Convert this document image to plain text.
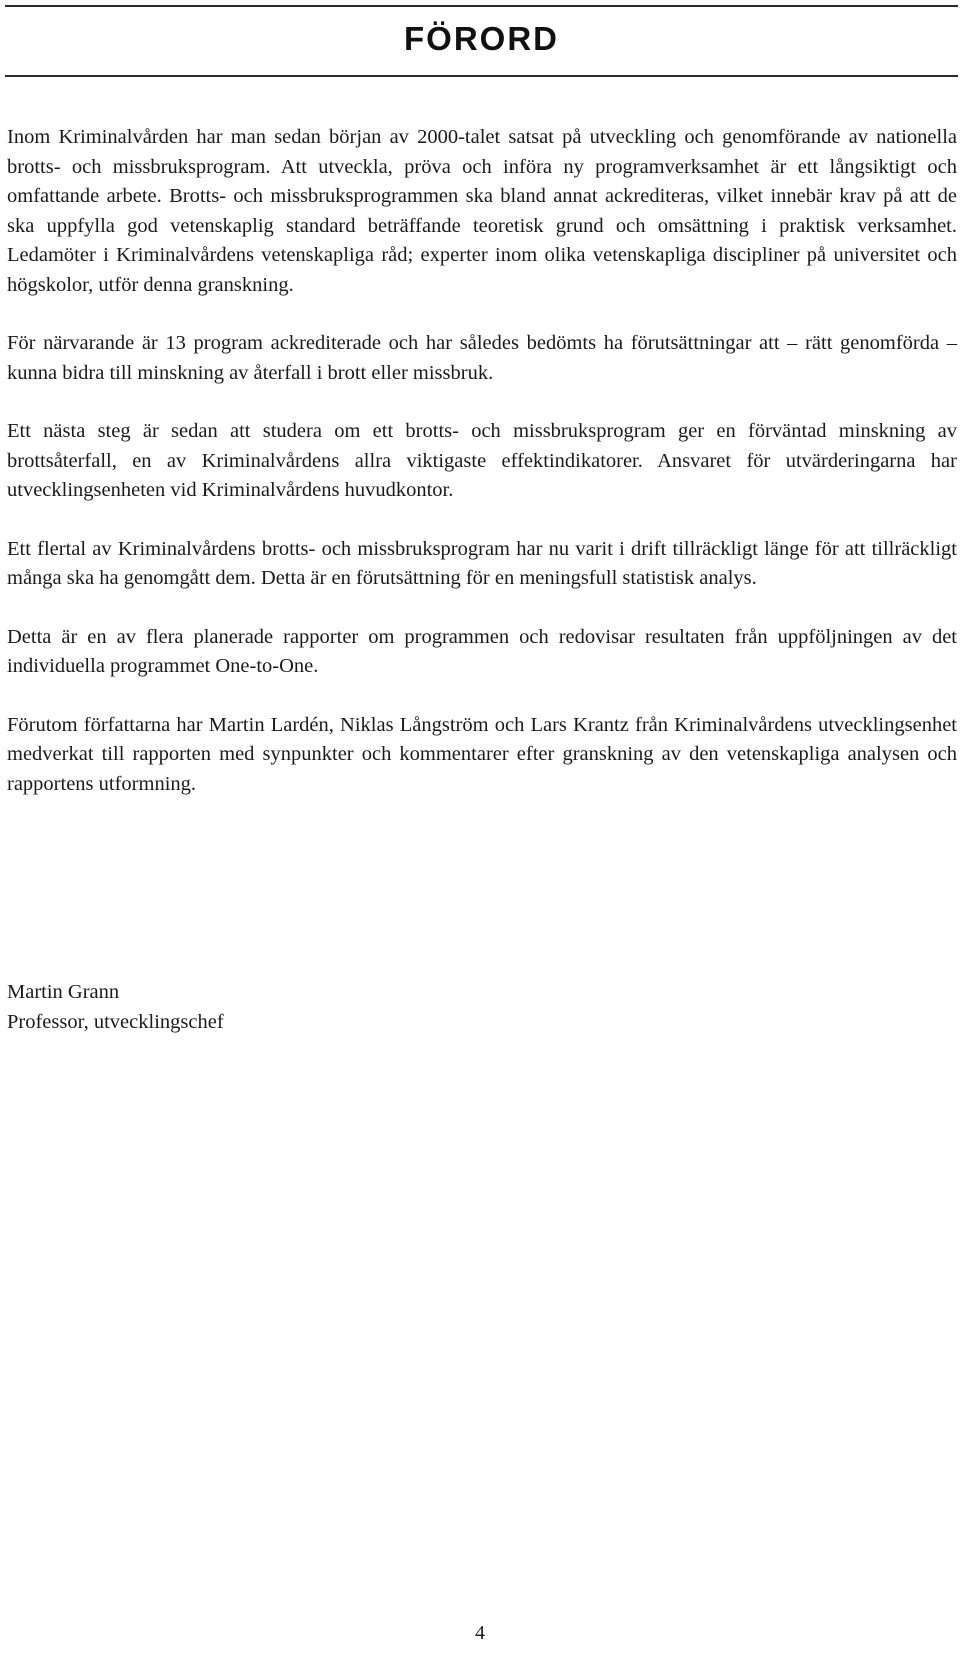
FÖRORD

Inom Kriminalvården har man sedan början av 2000-talet satsat på utveckling och genomförande av nationella brotts- och missbruksprogram. Att utveckla, pröva och införa ny programverksamhet är ett långsiktigt och omfattande arbete. Brotts- och missbruksprogrammen ska bland annat ackrediteras, vilket innebär krav på att de ska uppfylla god vetenskaplig standard beträffande teoretisk grund och omsättning i praktisk verksamhet. Ledamöter i Kriminalvårdens vetenskapliga råd; experter inom olika vetenskapliga discipliner på universitet och högskolor, utför denna granskning.

För närvarande är 13 program ackrediterade och har således bedömts ha förutsättningar att – rätt genomförda – kunna bidra till minskning av återfall i brott eller missbruk.

Ett nästa steg är sedan att studera om ett brotts- och missbruksprogram ger en förväntad minskning av brottsåterfall, en av Kriminalvårdens allra viktigaste effektindikatorer. Ansvaret för utvärderingarna har utvecklingsenheten vid Kriminalvårdens huvudkontor.

Ett flertal av Kriminalvårdens brotts- och missbruksprogram har nu varit i drift tillräckligt länge för att tillräckligt många ska ha genomgått dem. Detta är en förutsättning för en meningsfull statistisk analys.

Detta är en av flera planerade rapporter om programmen och redovisar resultaten från uppföljningen av det individuella programmet One-to-One.

Förutom författarna har Martin Lardén, Niklas Långström och Lars Krantz från Kriminalvårdens utvecklingsenhet medverkat till rapporten med synpunkter och kommentarer efter granskning av den vetenskapliga analysen och rapportens utformning.

Martin Grann
Professor, utvecklingschef
4
